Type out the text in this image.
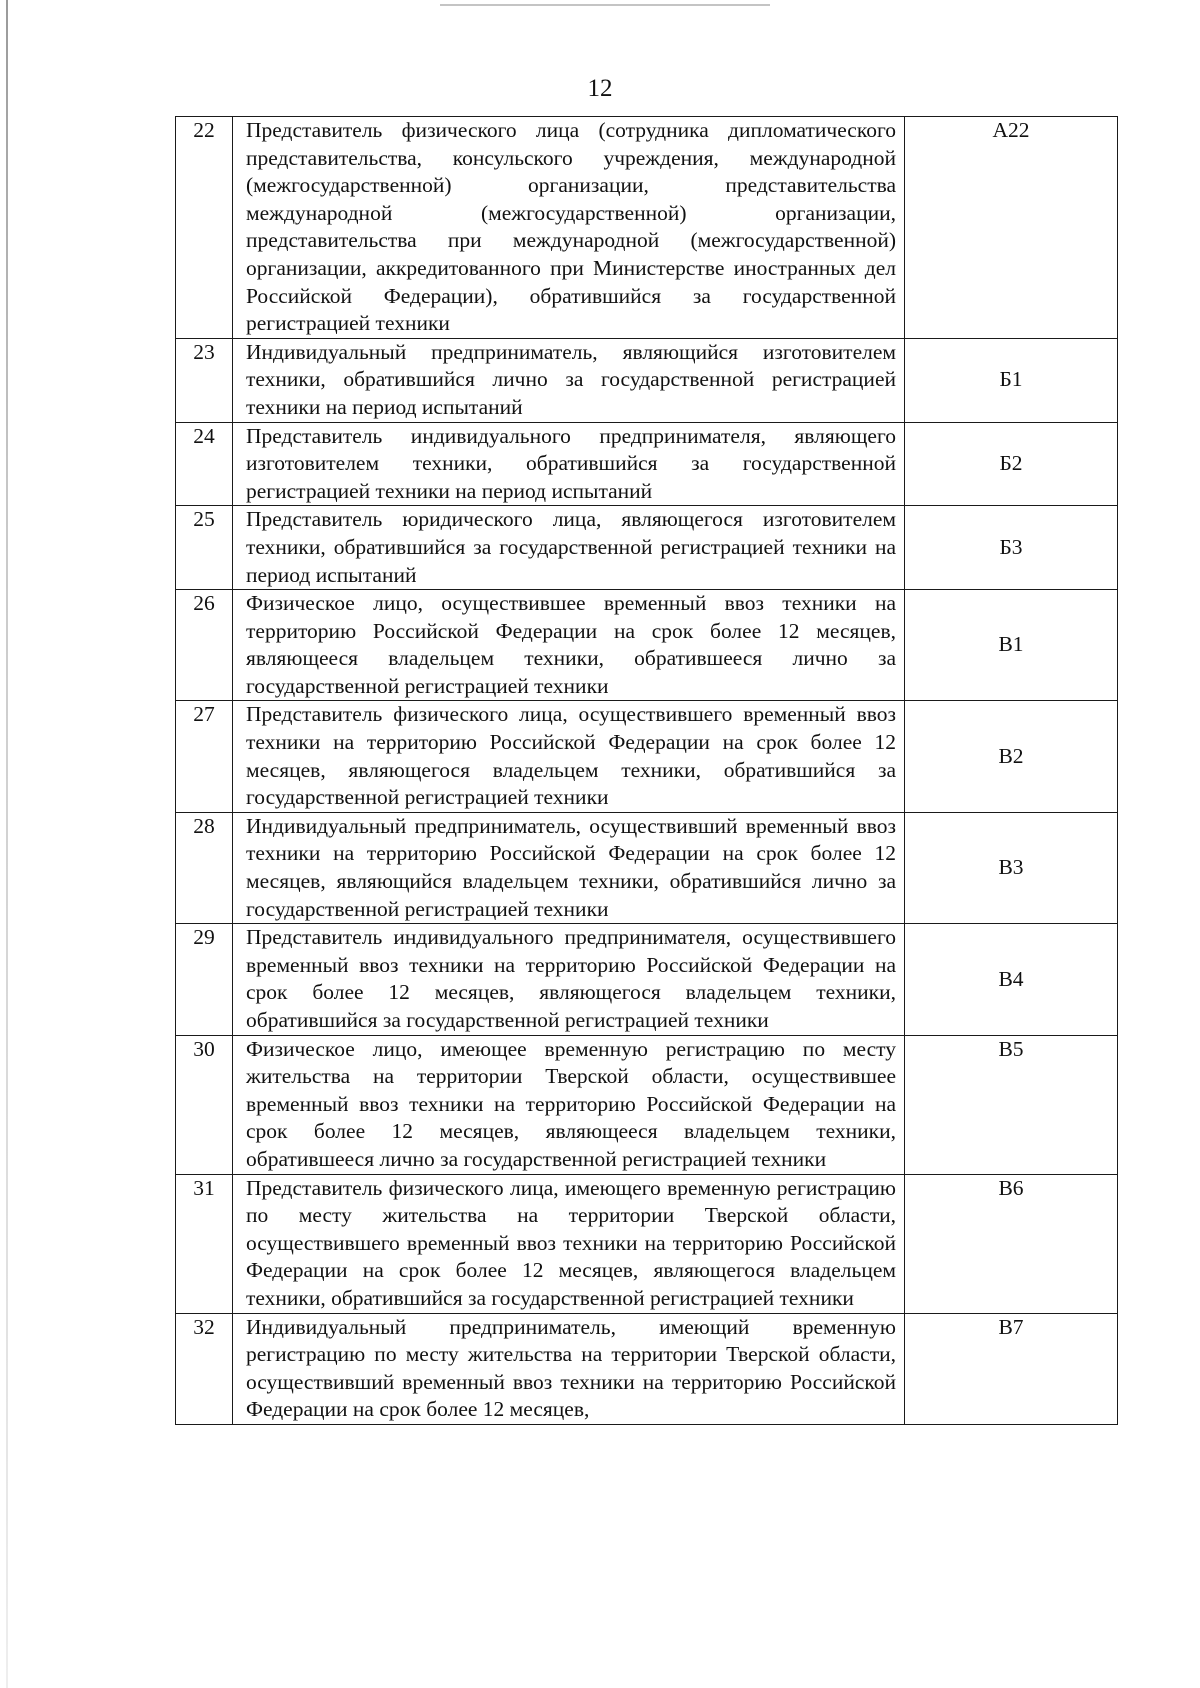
12
22	Представитель физического лица (сотрудника дипломатического представительства, консульского учреждения, международной (межгосударственной) организации, представительства международной (межгосударственной) организации, представительства при международной (межгосударственной) организации, аккредитованного при Министерстве иностранных дел Российской Федерации), обратившийся за государственной регистрацией техники	А22
23	Индивидуальный предприниматель, являющийся изготовителем техники, обратившийся лично за государственной регистрацией техники на период испытаний	Б1
24	Представитель индивидуального предпринимателя, являющего изготовителем техники, обратившийся за государственной регистрацией техники на период испытаний	Б2
25	Представитель юридического лица, являющегося изготовителем техники, обратившийся за государственной регистрацией техники на период испытаний	Б3
26	Физическое лицо, осуществившее временный ввоз техники на территорию Российской Федерации на срок более 12 месяцев, являющееся владельцем техники, обратившееся лично за государственной регистрацией техники	В1
27	Представитель физического лица, осуществившего временный ввоз техники на территорию Российской Федерации на срок более 12 месяцев, являющегося владельцем техники, обратившийся за государственной регистрацией техники	В2
28	Индивидуальный предприниматель, осуществивший временный ввоз техники на территорию Российской Федерации на срок более 12 месяцев, являющийся владельцем техники, обратившийся лично за государственной регистрацией техники	В3
29	Представитель индивидуального предпринимателя, осуществившего временный ввоз техники на территорию Российской Федерации на срок более 12 месяцев, являющегося владельцем техники, обратившийся за государственной регистрацией техники	В4
30	Физическое лицо, имеющее временную регистрацию по месту жительства на территории Тверской области, осуществившее временный ввоз техники на территорию Российской Федерации на срок более 12 месяцев, являющееся владельцем техники, обратившееся лично за государственной регистрацией техники	В5
31	Представитель физического лица, имеющего временную регистрацию по месту жительства на территории Тверской области, осуществившего временный ввоз техники на территорию Российской Федерации на срок более 12 месяцев, являющегося владельцем техники, обратившийся за государственной регистрацией техники	В6
32	Индивидуальный предприниматель, имеющий временную регистрацию по месту жительства на территории Тверской области, осуществивший временный ввоз техники на территорию Российской Федерации на срок более 12 месяцев,	В7
